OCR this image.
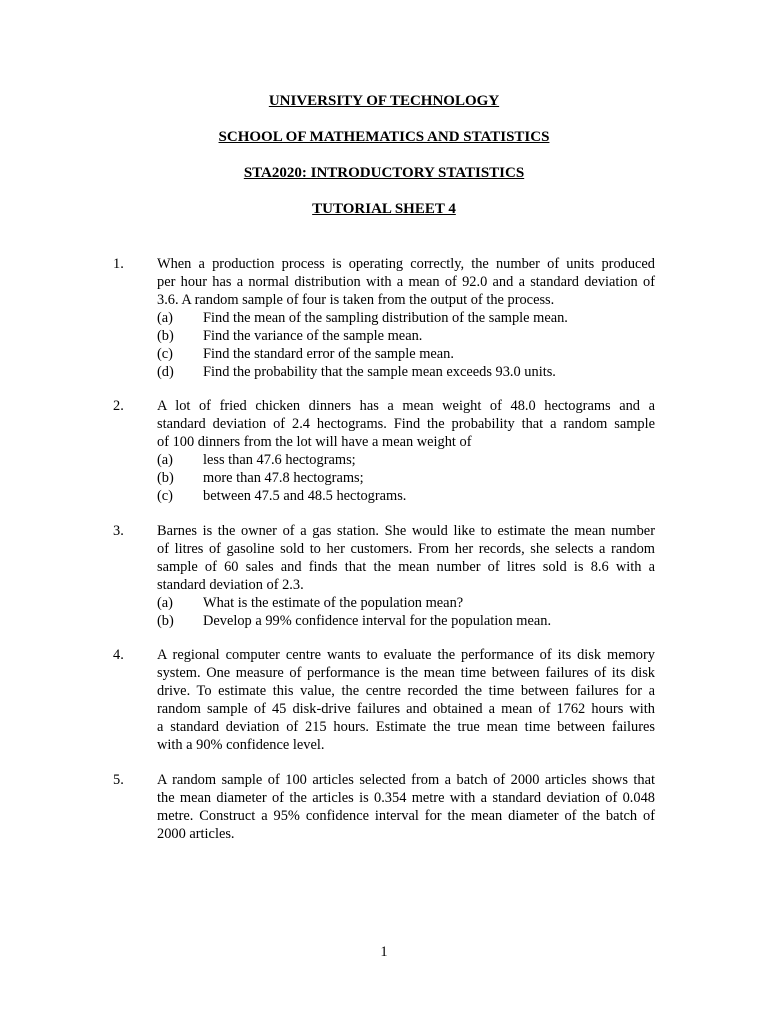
UNIVERSITY OF TECHNOLOGY
SCHOOL OF MATHEMATICS AND STATISTICS
STA2020: INTRODUCTORY STATISTICS
TUTORIAL SHEET 4
1. When a production process is operating correctly, the number of units produced
per hour has a normal distribution with a mean of 92.0 and a standard deviation of
3.6. A random sample of four is taken from the output of the process.
(a) Find the mean of the sampling distribution of the sample mean.
(b) Find the variance of the sample mean.
(c) Find the standard error of the sample mean.
(d) Find the probability that the sample mean exceeds 93.0 units.
2. A lot of fried chicken dinners has a mean weight of 48.0 hectograms and a
standard deviation of 2.4 hectograms. Find the probability that a random sample
of 100 dinners from the lot will have a mean weight of
(a) less than 47.6 hectograms;
(b) more than 47.8 hectograms;
(c) between 47.5 and 48.5 hectograms.
3. Barnes is the owner of a gas station. She would like to estimate the mean number
of litres of gasoline sold to her customers. From her records, she selects a random
sample of 60 sales and finds that the mean number of litres sold is 8.6 with a
standard deviation of 2.3.
(a) What is the estimate of the population mean?
(b) Develop a 99% confidence interval for the population mean.
4. A regional computer centre wants to evaluate the performance of its disk memory
system. One measure of performance is the mean time between failures of its disk
drive. To estimate this value, the centre recorded the time between failures for a
random sample of 45 disk-drive failures and obtained a mean of 1762 hours with
a standard deviation of 215 hours. Estimate the true mean time between failures
with a 90% confidence level.
5. A random sample of 100 articles selected from a batch of 2000 articles shows that
the mean diameter of the articles is 0.354 metre with a standard deviation of 0.048
metre. Construct a 95% confidence interval for the mean diameter of the batch of
2000 articles.
1
